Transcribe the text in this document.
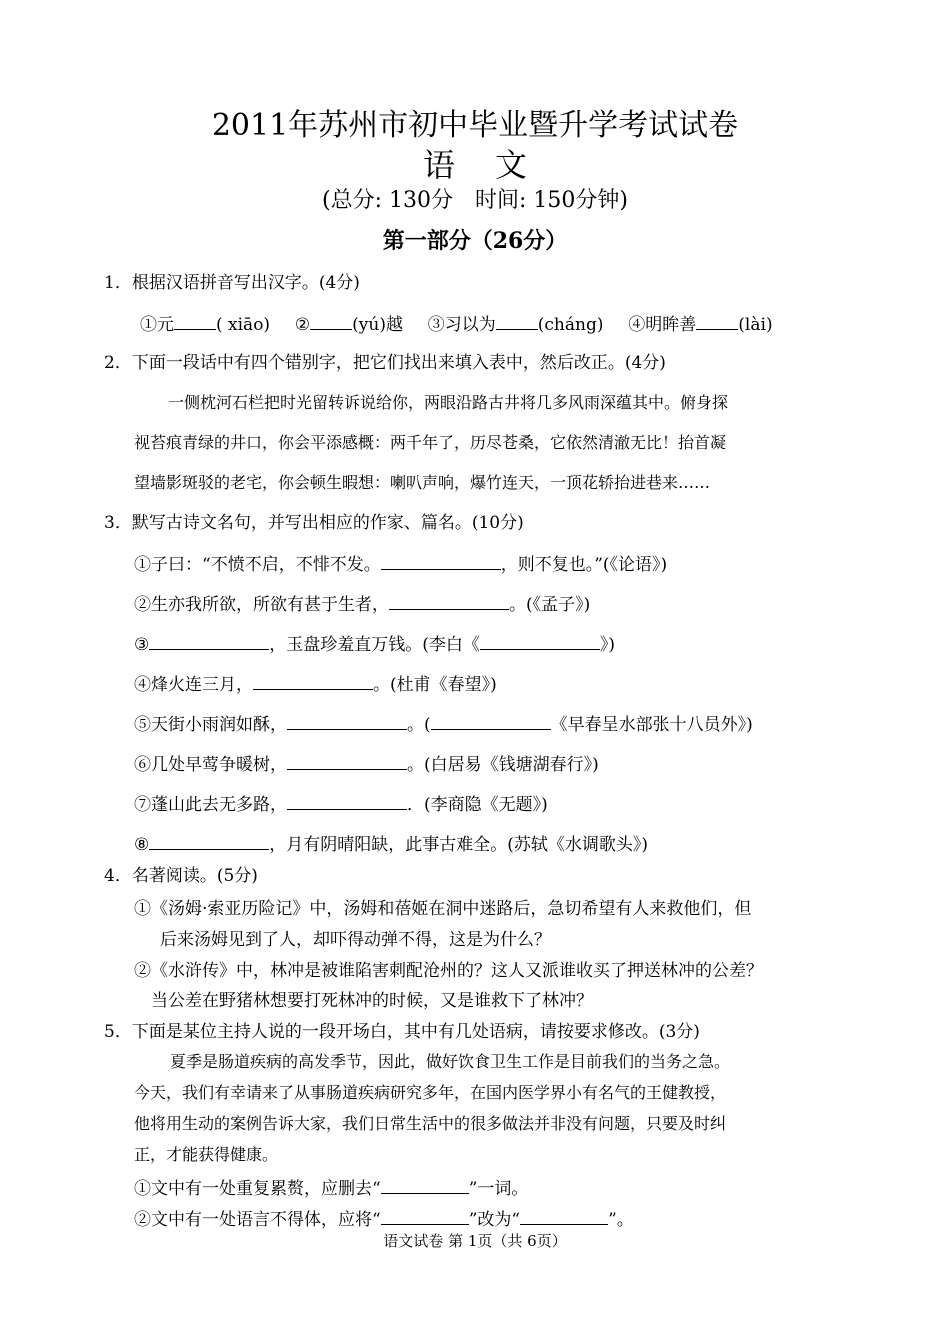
2011年苏州市初中毕业暨升学考试试卷
语文
(总分: 130分　时间: 150分钟)
第一部分（26分）
1．根据汉语拼音写出汉字。(4分)
①元 ( xiāo) ② (yú)越 ③习以为 (cháng) ④明眸善 (lài)
2．下面一段话中有四个错别字，把它们找出来填入表中，然后改正。(4分)
一侧枕河石栏把时光留转诉说给你，两眼沿路古井将几多风雨深蕴其中。俯身探
视苔痕青绿的井口，你会平添感概：两千年了，历尽苍桑，它依然清澈无比！抬首凝
望墙影斑驳的老宅，你会顿生暇想：喇叭声响，爆竹连天，一顶花轿抬进巷来……
3．默写古诗文名句，并写出相应的作家、篇名。(10分)
①子曰：“不愤不启，不悱不发。	，则不复也。”(《论语》)
②生亦我所欲，所欲有甚于生者，	。(《孟子》)
③	，玉盘珍羞直万钱。(李白《	》)
④烽火连三月，	。(杜甫《春望》)
⑤天街小雨润如酥，	。(	《早春呈水部张十八员外》)
⑥几处早莺争暖树，	。(白居易《钱塘湖春行》)
⑦蓬山此去无多路，	．(李商隐《无题》)
⑧	，月有阴晴阳缺，此事古难全。(苏轼《水调歌头》)
4．名著阅读。(5分)
①《汤姆·索亚历险记》中，汤姆和蓓姬在洞中迷路后，急切希望有人来救他们，但
后来汤姆见到了人，却吓得动弹不得，这是为什么？
②《水浒传》中，林冲是被谁陷害刺配沧州的？这人又派谁收买了押送林冲的公差？
当公差在野猪林想要打死林冲的时候，又是谁救下了林冲？
5．下面是某位主持人说的一段开场白，其中有几处语病，请按要求修改。(3分)
夏季是肠道疾病的高发季节，因此，做好饮食卫生工作是目前我们的当务之急。
今天，我们有幸请来了从事肠道疾病研究多年，在国内医学界小有名气的王健教授，
他将用生动的案例告诉大家，我们日常生活中的很多做法并非没有问题，只要及时纠
正，才能获得健康。
①文中有一处重复累赘，应删去“	”一词。
②文中有一处语言不得体，应将“	”改为“	”。
语文试卷 第 1页（共 6页）
